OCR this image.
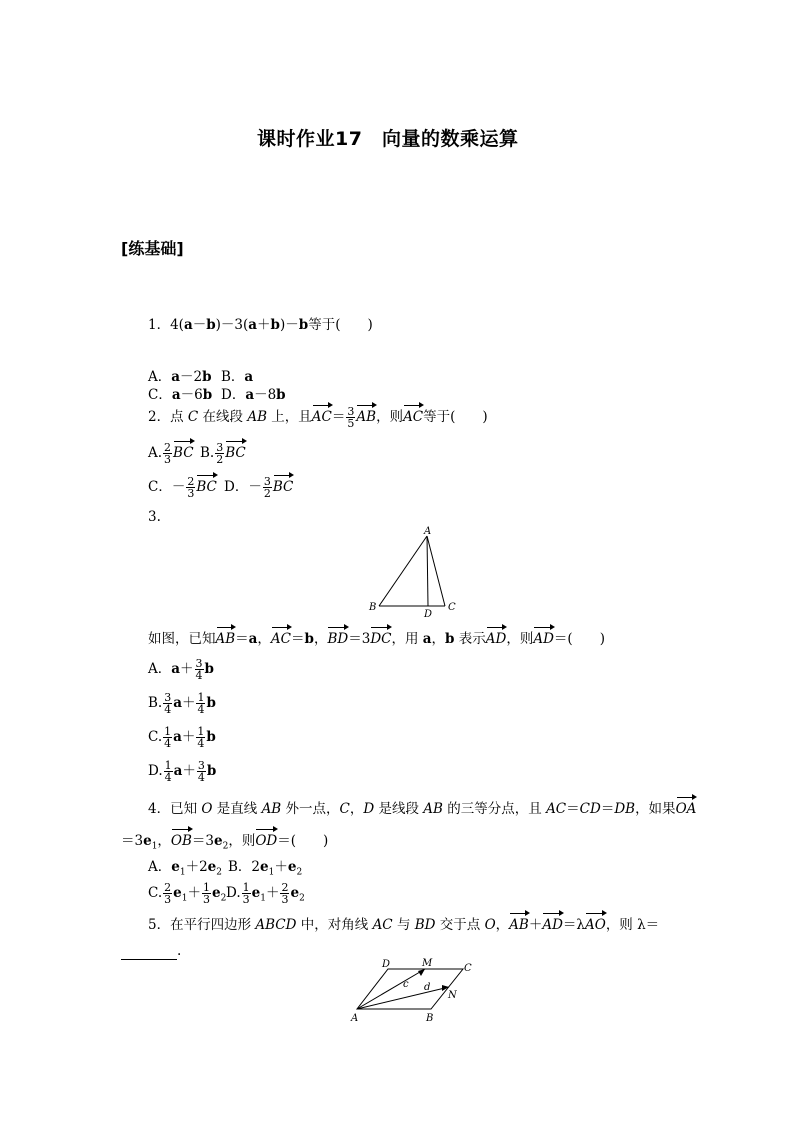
课时作业17　向量的数乘运算
[练基础]
1．4(a－b)－3(a＋b)－b等于(　　)
A．a－2b B．a
C．a－6b D．a－8b
2．点 C 在线段 AB 上，且$AC= \frac{3}{5}$ AB，则AC等于(　　)
A. $\frac{2}{3}$ BC B. $\frac{3}{2}$ BC
C．－ $\frac{2}{3}$ BC D．－ $\frac{3}{2}$ BC
3.
A
B
D
C
如图，已知AB＝a，AC＝b，BD＝3DC，用 a，b 表示AD，则AD＝(　　)
A．$a+ \frac{3}{4}$ b
B. $\frac{3}{4} a+ \frac{1}{4}$ b
C. $\frac{1}{4} a+ \frac{1}{4}$ b
D. $\frac{1}{4} a+ \frac{3}{4}$ b
4．已知 O 是直线 AB 外一点，C，D 是线段 AB 的三等分点，且 AC＝CD＝DB，如果OA
$=3e_1$，$OB=3e_2$，则OD＝(　　)
A．$e_1+2e_2$ B．$2e_1+e_2$
C. $\frac{2}{3} e_1+ \frac{1}{3} e_2$ D. $\frac{1}{3} e_1+ \frac{2}{3} e_2$
5．在平行四边形 ABCD 中，对角线 AC 与 BD 交于点 O，AB＋AD＝λAO，则 λ＝
.
D	M	C
c d
N
A	B
